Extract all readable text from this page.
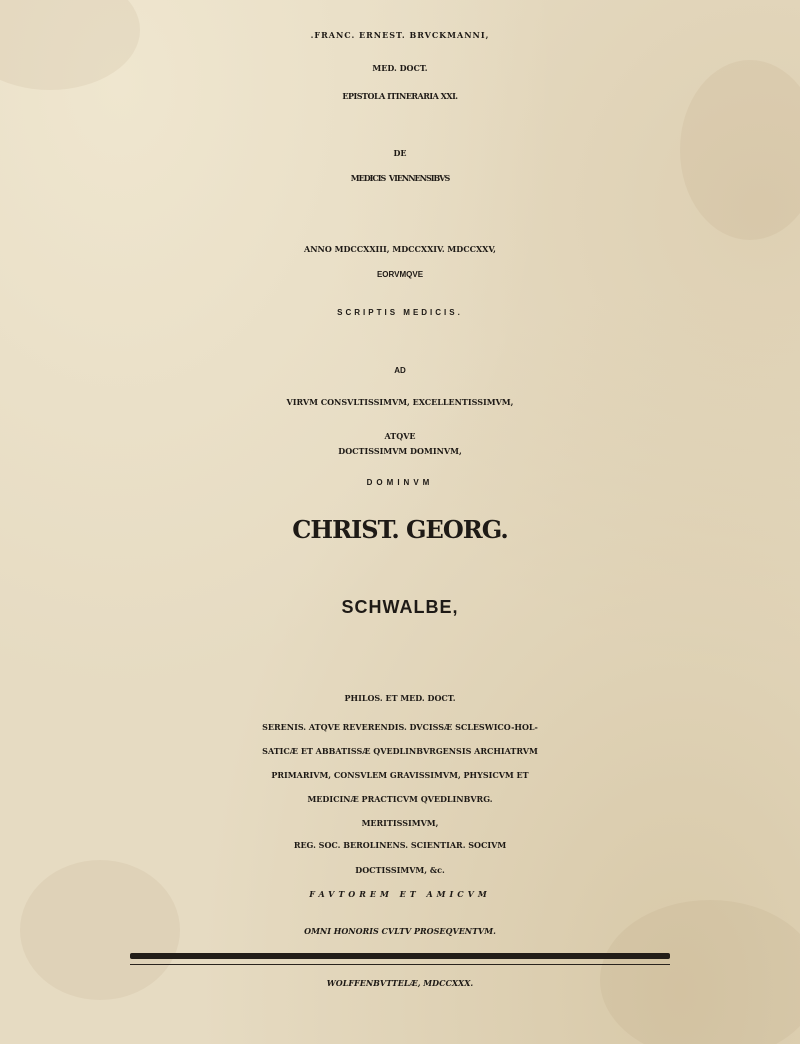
.FRANC. ERNEST. BRVCKMANNI,
MED. DOCT.
EPISTOLA ITINERARIA XXI.
DE
MEDICIS  VIENNENSIBVS
ANNO MDCCXXIII, MDCCXXIV. MDCCXXV,
EORVMQVE
SCRIPTIS MEDICIS.
AD
VIRVM CONSVLTISSIMVM, EXCELLENTISSIMVM,
ATQVE
DOCTISSIMVM DOMINVM,
DOMINVM
CHRIST. GEORG.
SCHWALBE,
PHILOS. ET MED. DOCT.
SERENIS. ATQVE REVERENDIS. DVCISSÆ SCLESWICO-HOL-
SATICÆ ET ABBATISSÆ QVEDLINBVRGENSIS ARCHIATRVM
PRIMARIVM, CONSVLEM GRAVISSIMVM, PHYSICVM ET
MEDICINÆ PRACTICVM QVEDLINBVRG.
MERITISSIMVM,
REG. SOC. BEROLINENS. SCIENTIAR. SOCIVM
DOCTISSIMVM, &c.
FAVTOREM ET AMICVM
OMNI HONORIS CVLTV PROSEQVENTVM.
WOLFFENBVTTELÆ, MDCCXXX.
